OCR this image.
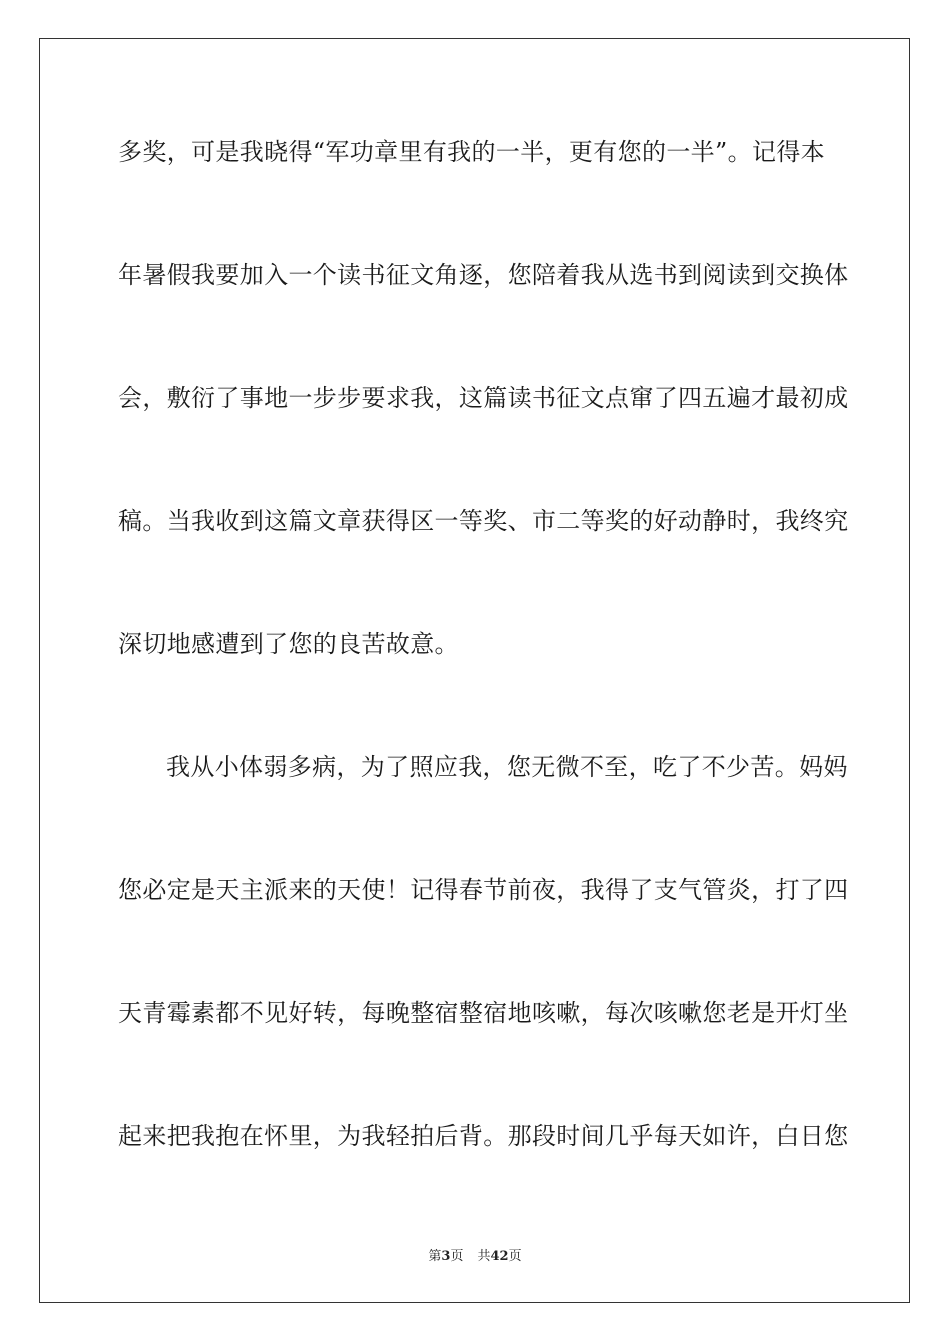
多奖，可是我晓得“军功章里有我的一半，更有您的一半”。记得本
年暑假我要加入一个读书征文角逐，您陪着我从选书到阅读到交换体
会，敷衍了事地一步步要求我，这篇读书征文点窜了四五遍才最初成
稿。当我收到这篇文章获得区一等奖、市二等奖的好动静时，我终究
深切地感遭到了您的良苦故意。
我从小体弱多病，为了照应我，您无微不至，吃了不少苦。妈妈
您必定是天主派来的天使！记得春节前夜，我得了支气管炎，打了四
天青霉素都不见好转，每晚整宿整宿地咳嗽，每次咳嗽您老是开灯坐
起来把我抱在怀里，为我轻拍后背。那段时间几乎每天如许，白日您
第3页 共42页
